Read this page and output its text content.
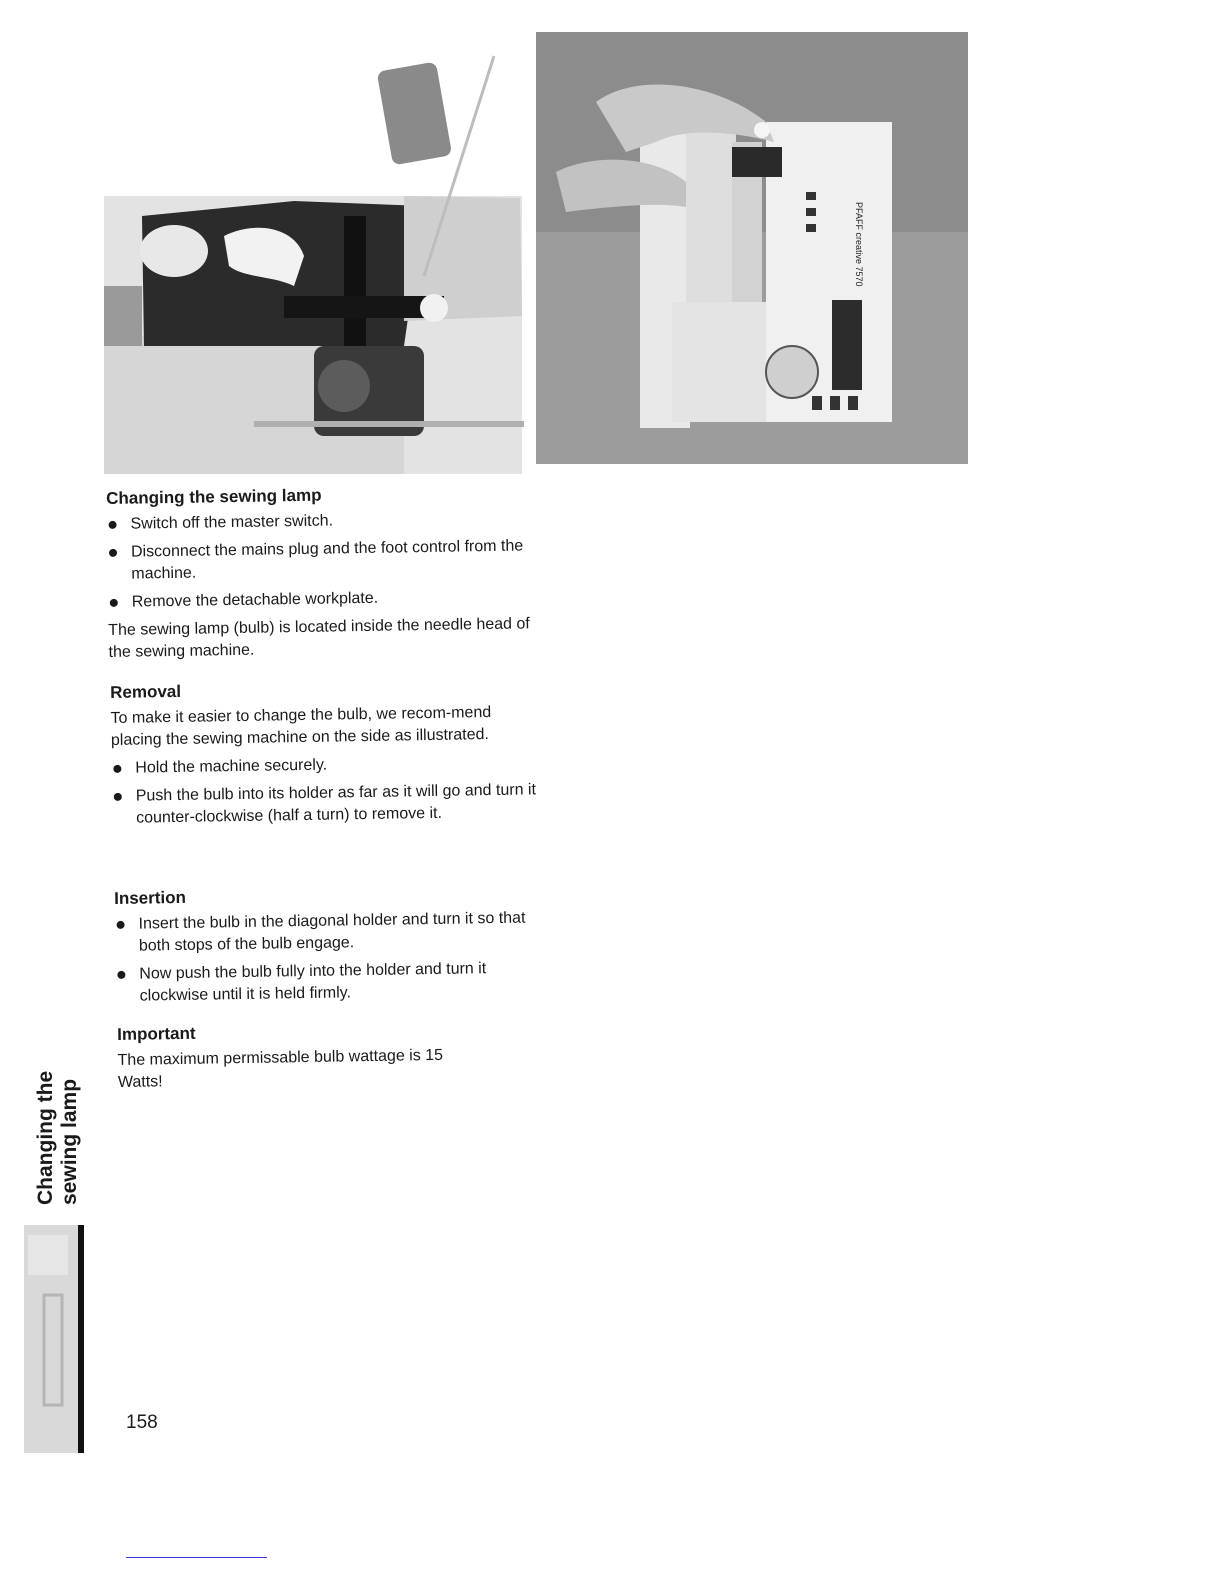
PFAFF creative 7570
Changing the sewing lamp
Switch off the master switch.
Disconnect the mains plug and the foot control from the machine.
Remove the detachable workplate.

The sewing lamp (bulb) is located inside the needle head of the sewing machine.

Removal

To make it easier to change the bulb, we recom-mend placing the sewing machine on the side as illustrated.

Hold the machine securely.
Push the bulb into its holder as far as it will go and turn it counter-clockwise (half a turn) to remove it.
Insertion
Insert the bulb in the diagonal holder and turn it so that both stops of the bulb engage.
Now push the bulb fully into the holder and turn it clockwise until it is held firmly.
Important

The maximum permissable bulb wattage is 15 Watts!

Changing the sewing lamp
158
